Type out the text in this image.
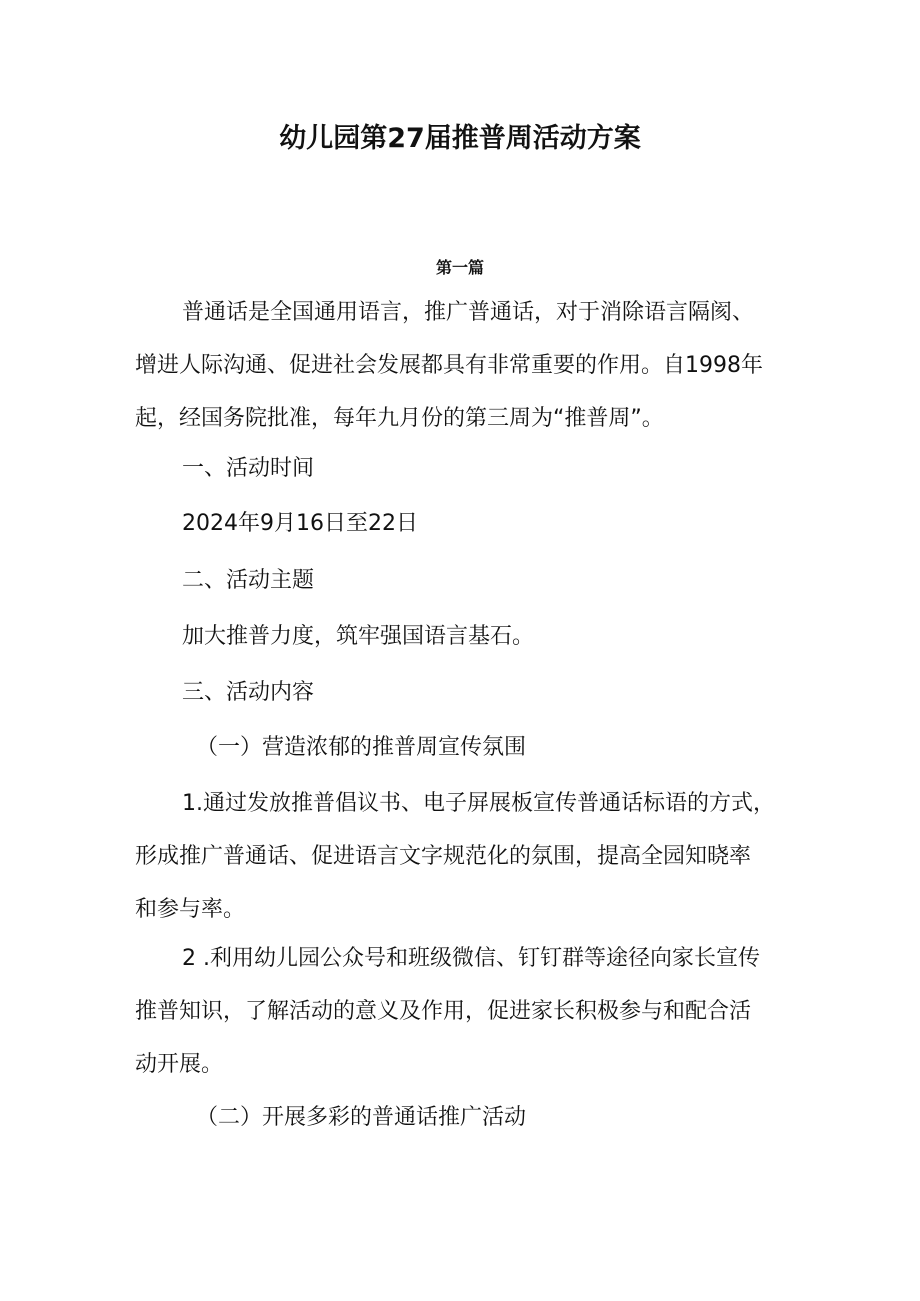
幼儿园第27届推普周活动方案
第一篇
普通话是全国通用语言，推广普通话，对于消除语言隔阂、
增进人际沟通、促进社会发展都具有非常重要的作用。自1998年
起，经国务院批准，每年九月份的第三周为“推普周”。
一、活动时间
2024年9月16日至22日
二、活动主题
加大推普力度，筑牢强国语言基石。
三、活动内容
（一）营造浓郁的推普周宣传氛围
1.通过发放推普倡议书、电子屏展板宣传普通话标语的方式，
形成推广普通话、促进语言文字规范化的氛围，提高全园知晓率
和参与率。
2 .利用幼儿园公众号和班级微信、钉钉群等途径向家长宣传
推普知识，了解活动的意义及作用，促进家长积极参与和配合活
动开展。
（二）开展多彩的普通话推广活动
